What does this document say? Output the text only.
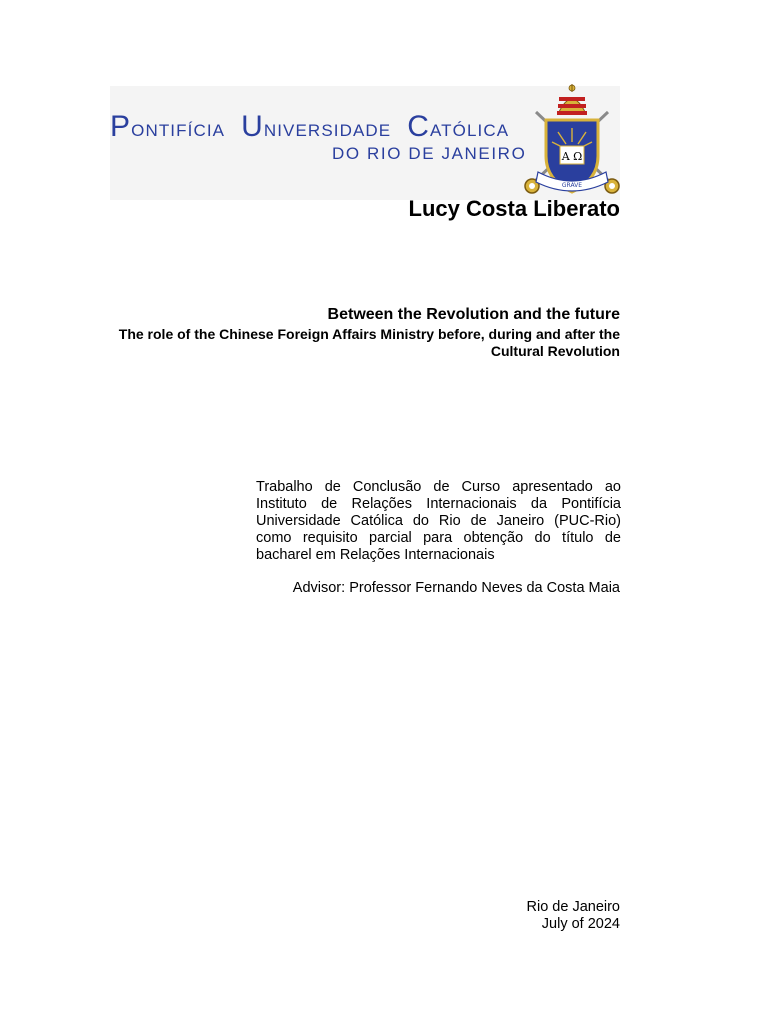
PONTIFÍCIA UNIVERSIDADE CATÓLICA
DO RIO DE JANEIRO	A Ω
GRAVE
Lucy Costa Liberato
Between the Revolution and the future
The role of the Chinese Foreign Affairs Ministry before, during and after the Cultural Revolution
Trabalho de Conclusão de Curso apresentado ao Instituto de Relações Internacionais da Pontifícia Universidade Católica do Rio de Janeiro (PUC-Rio) como requisito parcial para obtenção do título de bacharel em Relações Internacionais
Advisor: Professor Fernando Neves da Costa Maia
Rio de Janeiro
July of 2024
